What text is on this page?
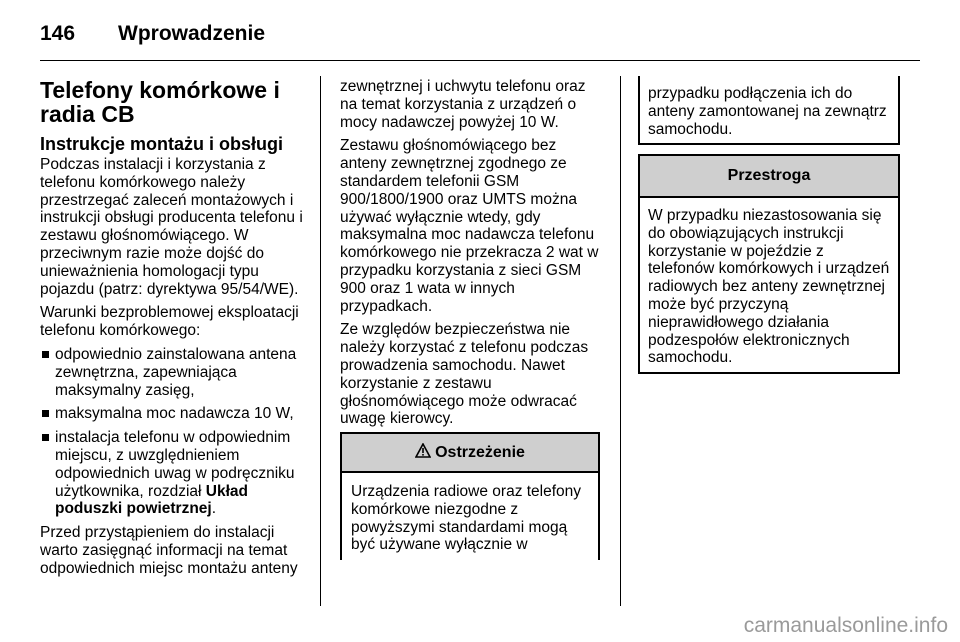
146 Wprowadzenie
Telefony komórkowe i radia CB
Instrukcje montażu i obsługi

Podczas instalacji i korzystania z telefonu komórkowego należy przestrzegać zaleceń montażowych i instrukcji obsługi producenta telefonu i zestawu głośnomówiącego. W przeciwnym razie może dojść do unieważnienia homologacji typu pojazdu (patrz: dyrektywa 95/54/WE).

Warunki bezproblemowej eksploatacji telefonu komórkowego:

odpowiednio zainstalowana antena zewnętrzna, zapewniająca maksymalny zasięg,
maksymalna moc nadawcza 10 W,
instalacja telefonu w odpowiednim miejscu, z uwzględnieniem odpowiednich uwag w podręczniku użytkownika, rozdział Układ poduszki powietrznej.

Przed przystąpieniem do instalacji warto zasięgnąć informacji na temat odpowiednich miejsc montażu anteny

zewnętrznej i uchwytu telefonu oraz na temat korzystania z urządzeń o mocy nadawczej powyżej 10 W.

Zestawu głośnomówiącego bez anteny zewnętrznej zgodnego ze standardem telefonii GSM 900/1800/1900 oraz UMTS można używać wyłącznie wtedy, gdy maksymalna moc nadawcza telefonu komórkowego nie przekracza 2 wat w przypadku korzystania z sieci GSM 900 oraz 1 wata w innych przypadkach.

Ze względów bezpieczeństwa nie należy korzystać z telefonu podczas prowadzenia samochodu. Nawet korzystanie z zestawu głośnomówiącego może odwracać uwagę kierowcy.

Ostrzeżenie
Urządzenia radiowe oraz telefony komórkowe niezgodne z powyższymi standardami mogą być używane wyłącznie w
przypadku podłączenia ich do anteny zamontowanej na zewnątrz samochodu.
Przestroga
W przypadku niezastosowania się do obowiązujących instrukcji korzystanie w pojeździe z telefonów komórkowych i urządzeń radiowych bez anteny zewnętrznej może być przyczyną nieprawidłowego działania podzespołów elektronicznych samochodu.
carmanualsonline.info
